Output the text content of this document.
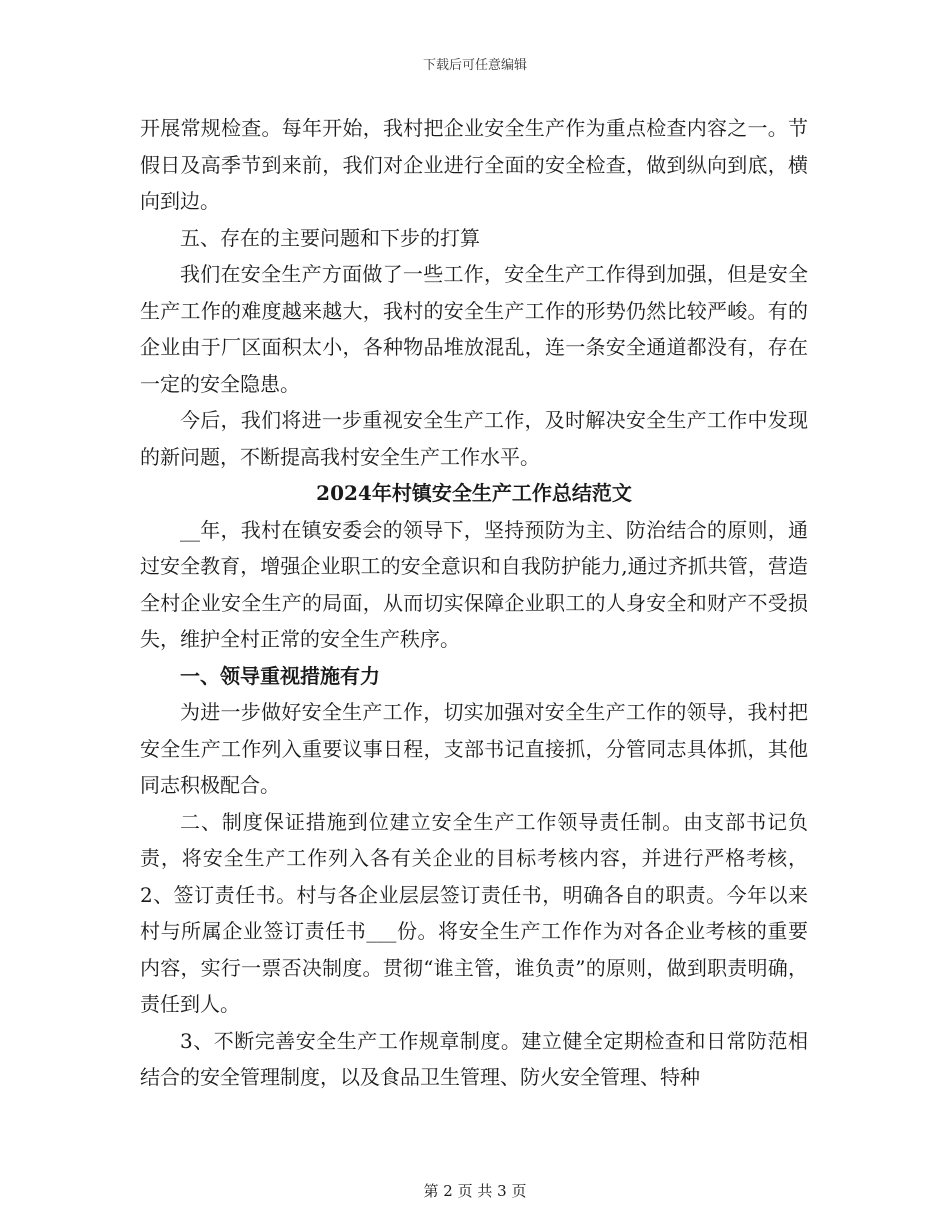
下载后可任意编辑

开展常规检查。每年开始，我村把企业安全生产作为重点检查内容之一。节假日及高季节到来前，我们对企业进行全面的安全检查，做到纵向到底，横向到边。

五、存在的主要问题和下步的打算

我们在安全生产方面做了一些工作，安全生产工作得到加强，但是安全生产工作的难度越来越大，我村的安全生产工作的形势仍然比较严峻。有的企业由于厂区面积太小，各种物品堆放混乱，连一条安全通道都没有，存在一定的安全隐患。

今后，我们将进一步重视安全生产工作，及时解决安全生产工作中发现的新问题，不断提高我村安全生产工作水平。

2024年村镇安全生产工作总结范文

__年，我村在镇安委会的领导下，坚持预防为主、防治结合的原则，通过安全教育，增强企业职工的安全意识和自我防护能力,通过齐抓共管，营造全村企业安全生产的局面，从而切实保障企业职工的人身安全和财产不受损失，维护全村正常的安全生产秩序。

一、领导重视措施有力

为进一步做好安全生产工作，切实加强对安全生产工作的领导，我村把安全生产工作列入重要议事日程，支部书记直接抓，分管同志具体抓，其他同志积极配合。

二、制度保证措施到位建立安全生产工作领导责任制。由支部书记负责，将安全生产工作列入各有关企业的目标考核内容，并进行严格考核，2、签订责任书。村与各企业层层签订责任书，明确各自的职责。今年以来村与所属企业签订责任书___份。将安全生产工作作为对各企业考核的重要内容，实行一票否决制度。贯彻“谁主管，谁负责”的原则，做到职责明确，责任到人。

3、不断完善安全生产工作规章制度。建立健全定期检查和日常防范相结合的安全管理制度，以及食品卫生管理、防火安全管理、特种

第 2 页 共 3 页
